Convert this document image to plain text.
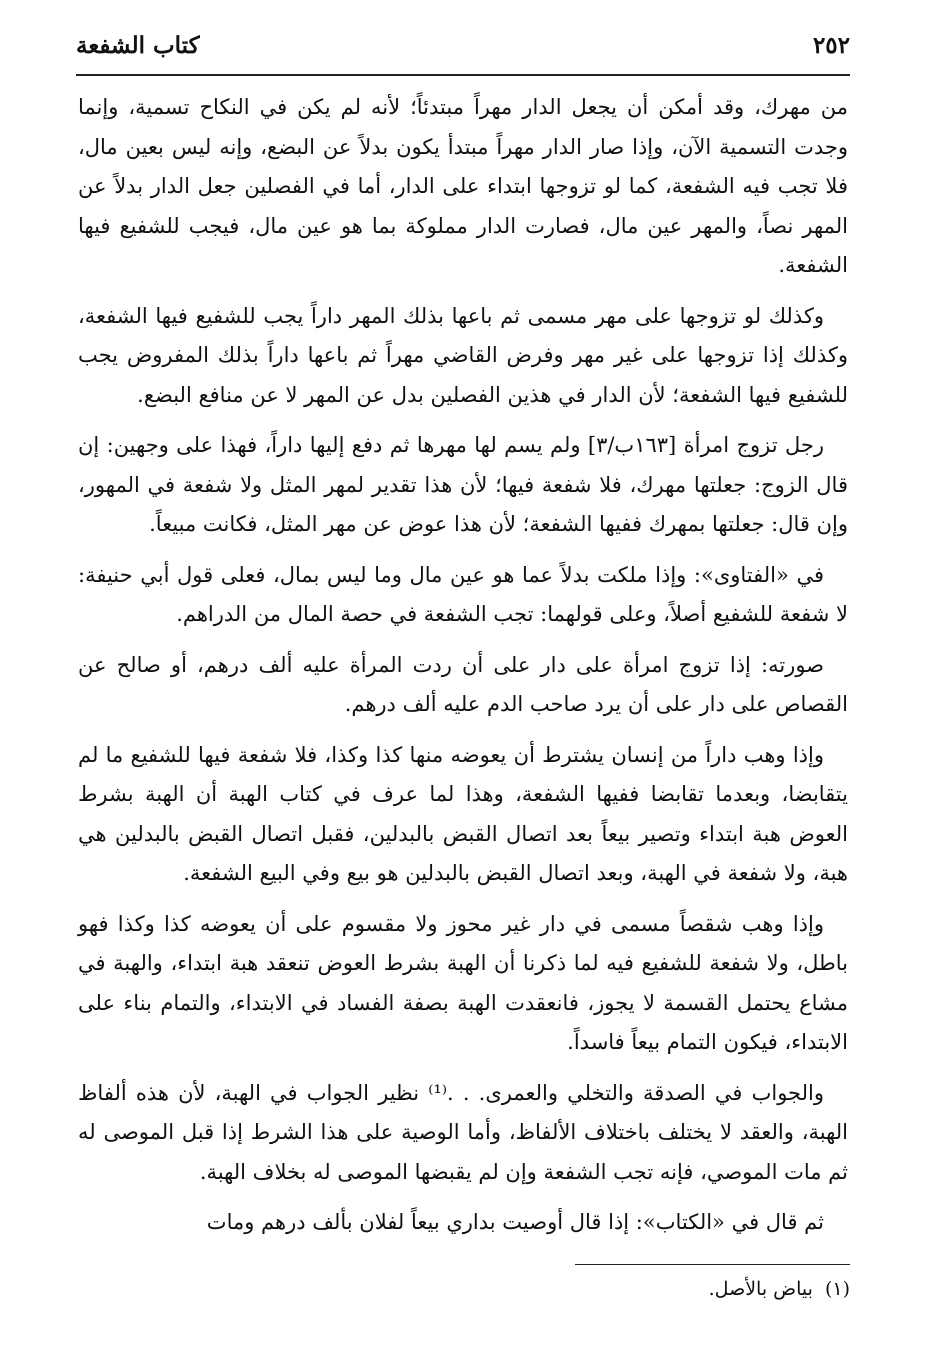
٢٥٢
كتاب الشفعة

من مهرك، وقد أمكن أن يجعل الدار مهراً مبتدئاً؛ لأنه لم يكن في النكاح تسمية، وإنما وجدت التسمية الآن، وإذا صار الدار مهراً مبتدأ يكون بدلاً عن البضع، وإنه ليس بعين مال، فلا تجب فيه الشفعة، كما لو تزوجها ابتداء على الدار، أما في الفصلين جعل الدار بدلاً عن المهر نصاً، والمهر عين مال، فصارت الدار مملوكة بما هو عين مال، فيجب للشفيع فيها الشفعة.

وكذلك لو تزوجها على مهر مسمى ثم باعها بذلك المهر داراً يجب للشفيع فيها الشفعة، وكذلك إذا تزوجها على غير مهر وفرض القاضي مهراً ثم باعها داراً بذلك المفروض يجب للشفيع فيها الشفعة؛ لأن الدار في هذين الفصلين بدل عن المهر لا عن منافع البضع.

رجل تزوج امرأة [١٦٣ب/٣] ولم يسم لها مهرها ثم دفع إليها داراً، فهذا على وجهين: إن قال الزوج: جعلتها مهرك، فلا شفعة فيها؛ لأن هذا تقدير لمهر المثل ولا شفعة في المهور، وإن قال: جعلتها بمهرك ففيها الشفعة؛ لأن هذا عوض عن مهر المثل، فكانت مبيعاً.

في «الفتاوى»: وإذا ملكت بدلاً عما هو عين مال وما ليس بمال، فعلى قول أبي حنيفة: لا شفعة للشفيع أصلاً، وعلى قولهما: تجب الشفعة في حصة المال من الدراهم.

صورته: إذا تزوج امرأة على دار على أن ردت المرأة عليه ألف درهم، أو صالح عن القصاص على دار على أن يرد صاحب الدم عليه ألف درهم.

وإذا وهب داراً من إنسان يشترط أن يعوضه منها كذا وكذا، فلا شفعة فيها للشفيع ما لم يتقابضا، وبعدما تقابضا ففيها الشفعة، وهذا لما عرف في كتاب الهبة أن الهبة بشرط العوض هبة ابتداء وتصير بيعاً بعد اتصال القبض بالبدلين، فقبل اتصال القبض بالبدلين هي هبة، ولا شفعة في الهبة، وبعد اتصال القبض بالبدلين هو بيع وفي البيع الشفعة.

وإذا وهب شقصاً مسمى في دار غير محوز ولا مقسوم على أن يعوضه كذا وكذا فهو باطل، ولا شفعة للشفيع فيه لما ذكرنا أن الهبة بشرط العوض تنعقد هبة ابتداء، والهبة في مشاع يحتمل القسمة لا يجوز، فانعقدت الهبة بصفة الفساد في الابتداء، والتمام بناء على الابتداء، فيكون التمام بيعاً فاسداً.

والجواب في الصدقة والتخلي والعمرى. . .⁽¹⁾ نظير الجواب في الهبة، لأن هذه ألفاظ الهبة، والعقد لا يختلف باختلاف الألفاظ، وأما الوصية على هذا الشرط إذا قبل الموصى له ثم مات الموصي، فإنه تجب الشفعة وإن لم يقبضها الموصى له بخلاف الهبة.

ثم قال في «الكتاب»: إذا قال أوصيت بداري بيعاً لفلان بألف درهم ومات

(١)بياض بالأصل.
